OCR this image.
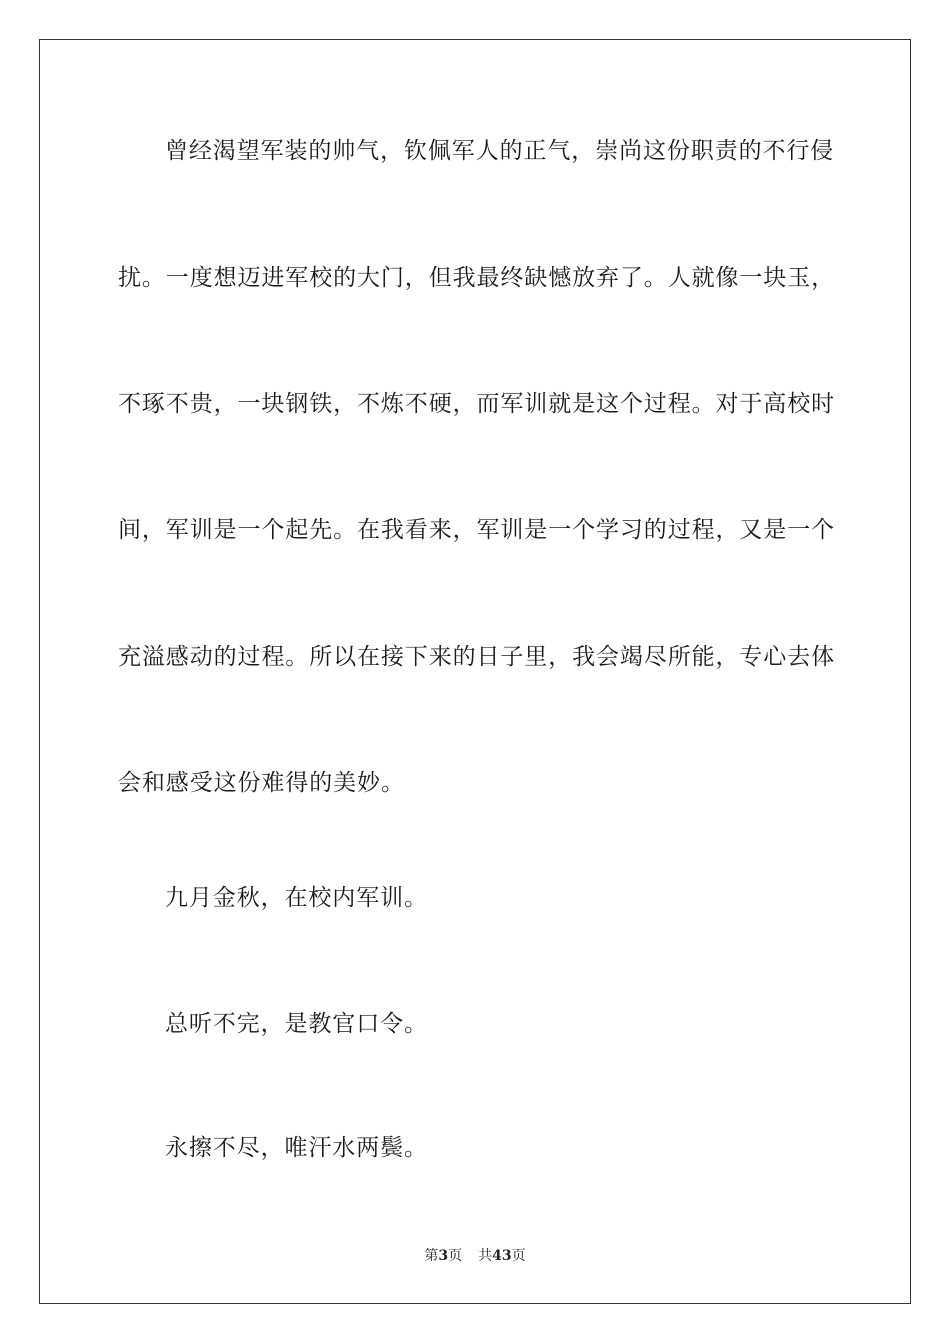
曾经渴望军装的帅气，钦佩军人的正气，崇尚这份职责的不行侵
扰。一度想迈进军校的大门，但我最终缺憾放弃了。人就像一块玉，
不琢不贵，一块钢铁，不炼不硬，而军训就是这个过程。对于高校时
间，军训是一个起先。在我看来，军训是一个学习的过程，又是一个
充溢感动的过程。所以在接下来的日子里，我会竭尽所能，专心去体
会和感受这份难得的美妙。
九月金秋，在校内军训。
总听不完，是教官口令。
永擦不尽，唯汗水两鬓。
第3页 共43页
